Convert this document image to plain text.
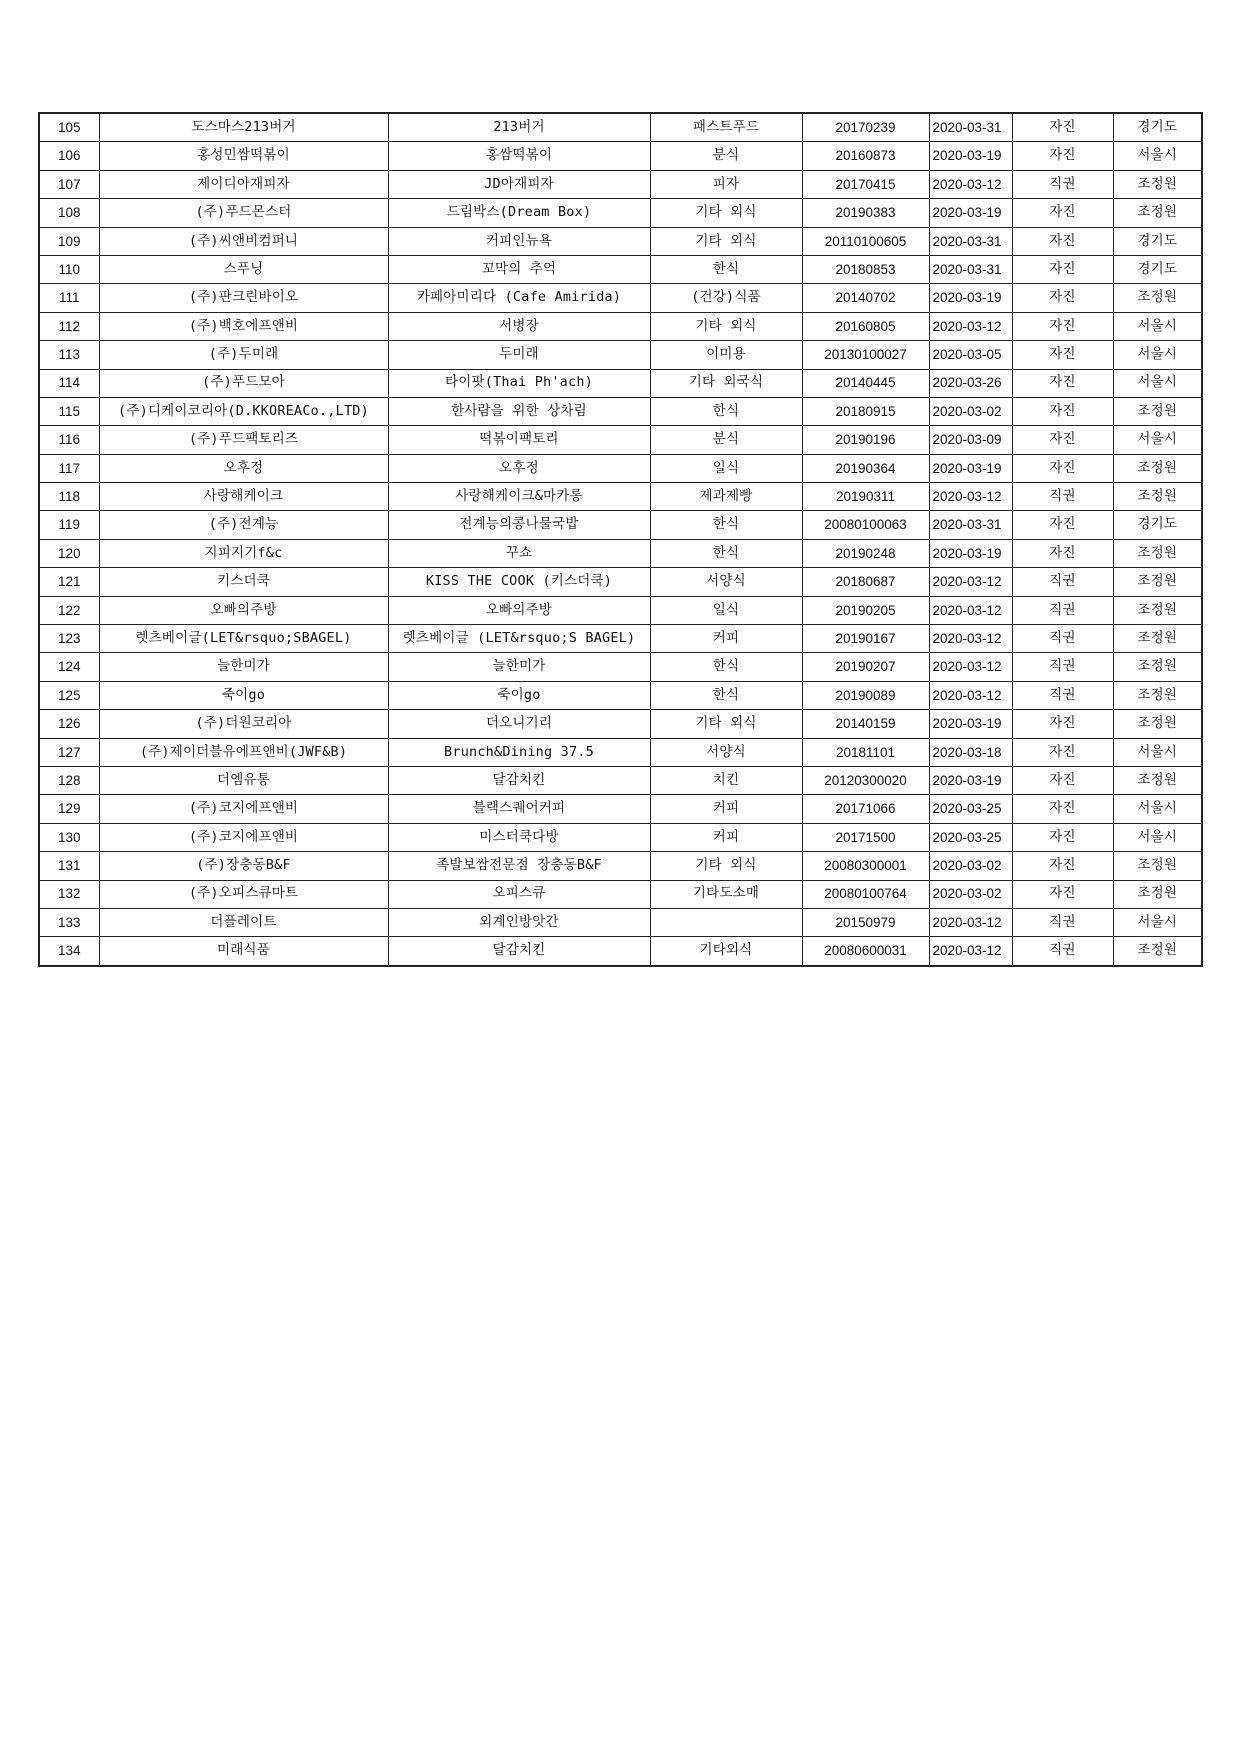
105	도스마스213버거	213버거	패스트푸드	20170239	2020-03-31	자진	경기도
106	홍성민쌈떡볶이	홍쌈떡볶이	분식	20160873	2020-03-19	자진	서울시
107	제이디아재피자	JD아재피자	피자	20170415	2020-03-12	직권	조정원
108	(주)푸드몬스터	드림박스(Dream Box)	기타 외식	20190383	2020-03-19	자진	조정원
109	(주)씨앤비컴퍼니	커피인뉴욕	기타 외식	20110100605	2020-03-31	자진	경기도
110	스푸닝	꼬막의 추억	한식	20180853	2020-03-31	자진	경기도
111	(주)판크린바이오	카페아미리다 (Cafe Amirida)	(건강)식품	20140702	2020-03-19	자진	조정원
112	(주)백호에프앤비	서병장	기타 외식	20160805	2020-03-12	자진	서울시
113	(주)두미래	두미래	이미용	20130100027	2020-03-05	자진	서울시
114	(주)푸드모아	타이팟(Thai Ph'ach)	기타 외국식	20140445	2020-03-26	자진	서울시
115	(주)디케이코리아(D.KKOREACo.,LTD)	한사람을 위한 상차림	한식	20180915	2020-03-02	자진	조정원
116	(주)푸드팩토리즈	떡볶이팩토리	분식	20190196	2020-03-09	자진	서울시
117	오후정	오후정	일식	20190364	2020-03-19	자진	조정원
118	사랑해케이크	사랑해케이크&마카롱	제과제빵	20190311	2020-03-12	직권	조정원
119	(주)전계능	전계능의콩나물국밥	한식	20080100063	2020-03-31	자진	경기도
120	지피지기f&c	꾸쇼	한식	20190248	2020-03-19	자진	조정원
121	키스더쿡	KISS THE COOK (키스더쿡)	서양식	20180687	2020-03-12	직권	조정원
122	오빠의주방	오빠의주방	일식	20190205	2020-03-12	직권	조정원
123	렛츠베이글(LET&rsquo;SBAGEL)	렛츠베이글 (LET&rsquo;S BAGEL)	커피	20190167	2020-03-12	직권	조정원
124	늘한미가	늘한미가	한식	20190207	2020-03-12	직권	조정원
125	죽이go	죽이go	한식	20190089	2020-03-12	직권	조정원
126	(주)더원코리아	더오니기리	기타 외식	20140159	2020-03-19	자진	조정원
127	(주)제이더블유에프앤비(JWF&B)	Brunch&Dining 37.5	서양식	20181101	2020-03-18	자진	서울시
128	더엠유통	달감치킨	치킨	20120300020	2020-03-19	자진	조정원
129	(주)코지에프앤비	블랙스퀘어커피	커피	20171066	2020-03-25	자진	서울시
130	(주)코지에프앤비	미스터쿡다방	커피	20171500	2020-03-25	자진	서울시
131	(주)장충동B&F	족발보쌈전문점 장충동B&F	기타 외식	20080300001	2020-03-02	자진	조정원
132	(주)오피스큐마트	오피스큐	기타도소매	20080100764	2020-03-02	자진	조정원
133	더플레이트	외계인방앗간		20150979	2020-03-12	직권	서울시
134	미래식품	달감치킨	기타외식	20080600031	2020-03-12	직권	조정원
